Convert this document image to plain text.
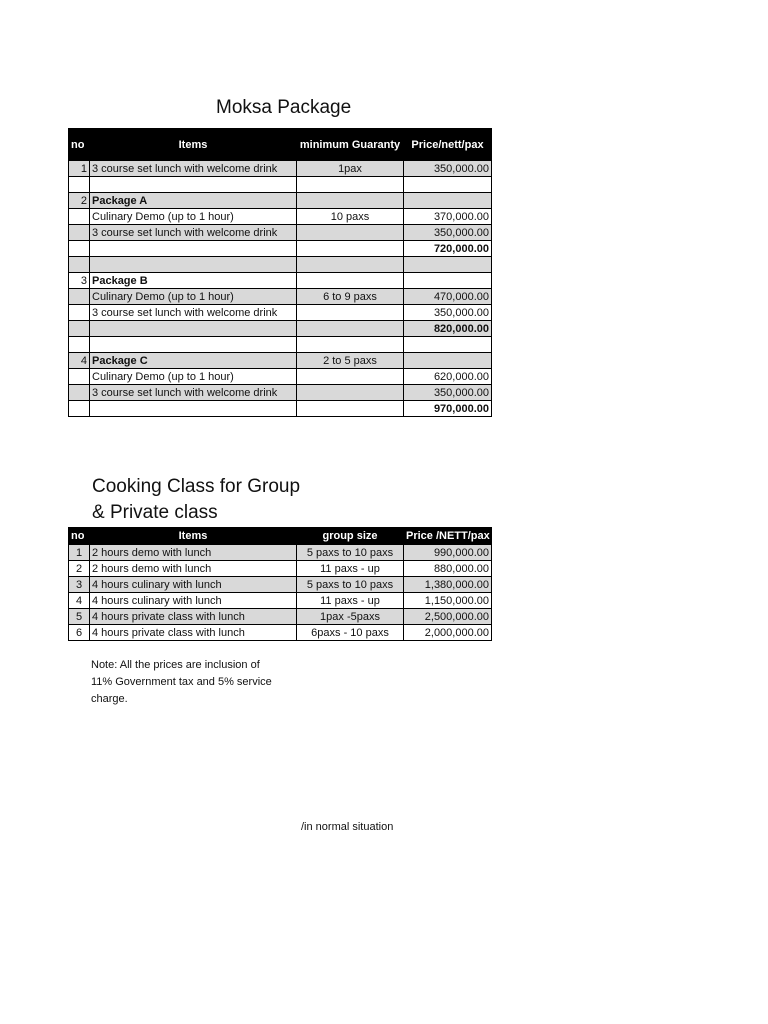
Moksa Package
no	Items	minimum Guaranty	Price/nett/pax
1	3 course set lunch with welcome drink	1pax	350,000.00

2	Package A		
	Culinary Demo (up to 1 hour)	10 paxs	370,000.00
	3 course set lunch with welcome drink		350,000.00
			720,000.00

3	Package B		
	Culinary Demo (up to 1 hour)	6 to 9 paxs	470,000.00
	3 course set lunch with welcome drink		350,000.00
			820,000.00

4	Package C	2 to 5 paxs	
	Culinary Demo (up to 1 hour)		620,000.00
	3 course set lunch with welcome drink		350,000.00
			970,000.00
Cooking Class for Group
& Private class
no	Items	group size	Price /NETT/pax
1	2 hours demo with lunch	5 paxs to 10 paxs	990,000.00
2	2 hours demo with lunch	11 paxs - up	880,000.00
3	4 hours culinary with lunch	5 paxs to 10 paxs	1,380,000.00
4	4 hours culinary with lunch	11 paxs - up	1,150,000.00
5	4 hours private class with lunch	1pax -5paxs	2,500,000.00
6	4 hours private class with lunch	6paxs - 10 paxs	2,000,000.00
Note: All the prices are inclusion of 11% Government tax and 5% service charge.
/in normal situation
